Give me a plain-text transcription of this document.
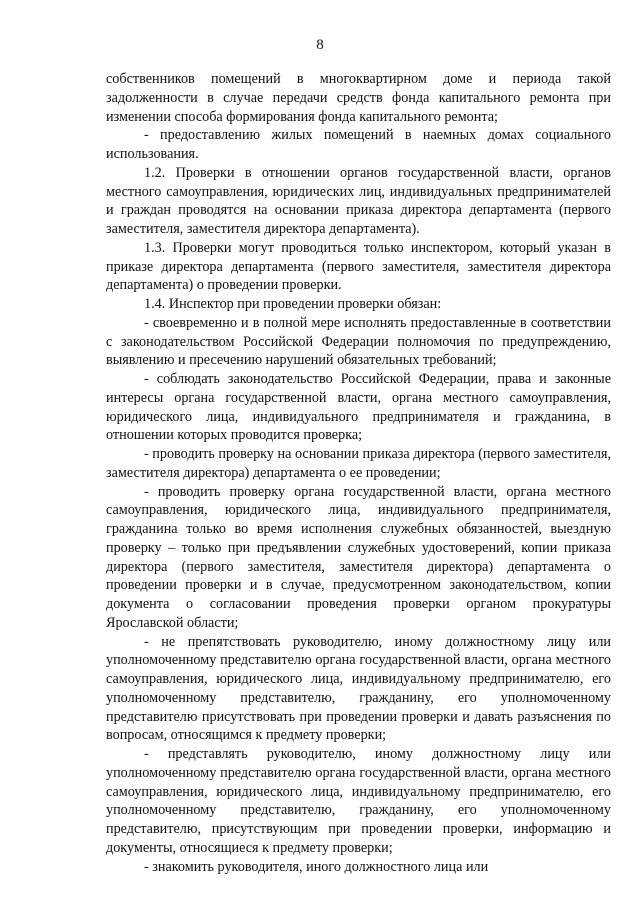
8

собственников помещений в многоквартирном доме и периода такой задолженности в случае передачи средств фонда капитального ремонта при изменении способа формирования фонда капитального ремонта;

- предоставлению жилых помещений в наемных домах социального использования.

1.2. Проверки в отношении органов государственной власти, органов местного самоуправления, юридических лиц, индивидуальных предпринимателей и граждан проводятся на основании приказа директора департамента (первого заместителя, заместителя директора департамента).

1.3. Проверки могут проводиться только инспектором, который указан в приказе директора департамента (первого заместителя, заместителя директора департамента) о проведении проверки.

1.4. Инспектор при проведении проверки обязан:

- своевременно и в полной мере исполнять предоставленные в соответствии с законодательством Российской Федерации полномочия по предупреждению, выявлению и пресечению нарушений обязательных требований;

- соблюдать законодательство Российской Федерации, права и законные интересы органа государственной власти, органа местного самоуправления, юридического лица, индивидуального предпринимателя и гражданина, в отношении которых проводится проверка;

- проводить проверку на основании приказа директора (первого заместителя, заместителя директора) департамента о ее проведении;

- проводить проверку органа государственной власти, органа местного самоуправления, юридического лица, индивидуального предпринимателя, гражданина только во время исполнения служебных обязанностей, выездную проверку – только при предъявлении служебных удостоверений, копии приказа директора (первого заместителя, заместителя директора) департамента о проведении проверки и в случае, предусмотренном законодательством, копии документа о согласовании проведения проверки органом прокуратуры Ярославской области;

- не препятствовать руководителю, иному должностному лицу или уполномоченному представителю органа государственной власти, органа местного самоуправления, юридического лица, индивидуальному предпринимателю, его уполномоченному представителю, гражданину, его уполномоченному представителю присутствовать при проведении проверки и давать разъяснения по вопросам, относящимся к предмету проверки;

- представлять руководителю, иному должностному лицу или уполномоченному представителю органа государственной власти, органа местного самоуправления, юридического лица, индивидуальному предпринимателю, его уполномоченному представителю, гражданину, его уполномоченному представителю, присутствующим при проведении проверки, информацию и документы, относящиеся к предмету проверки;

- знакомить руководителя, иного должностного лица или
